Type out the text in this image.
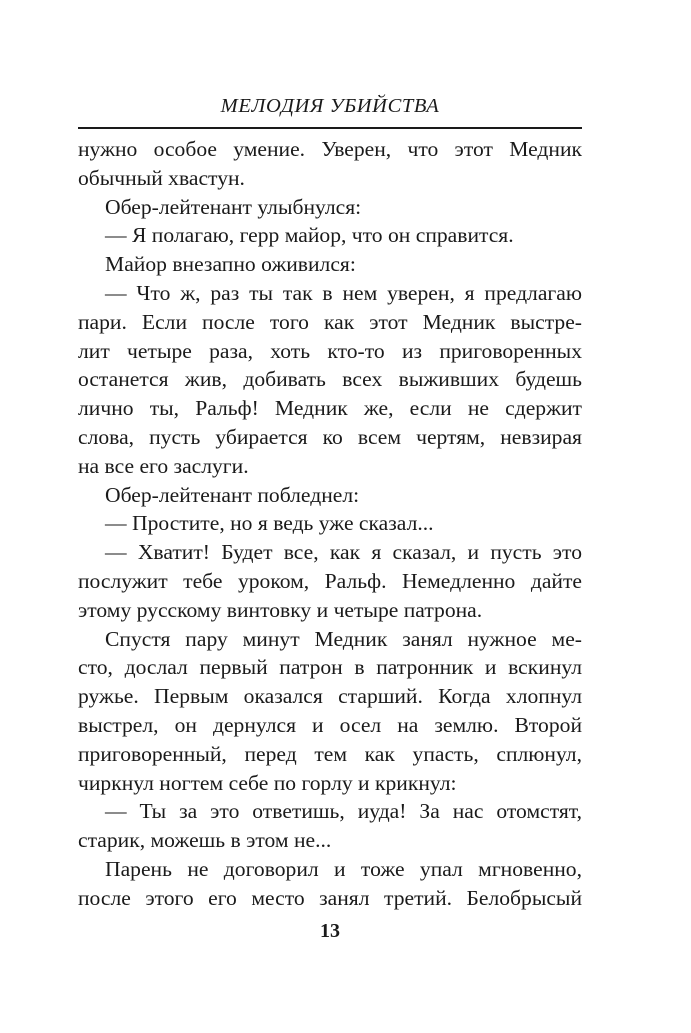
МЕЛОДИЯ УБИЙСТВА
нужно особое умение. Уверен, что этот Медник
обычный хвастун.
Обер-лейтенант улыбнулся:
— Я полагаю, герр майор, что он справится.
Майор внезапно оживился:
— Что ж, раз ты так в нем уверен, я предлагаю
пари. Если после того как этот Медник выстре-
лит четыре раза, хоть кто-то из приговоренных
останется жив, добивать всех выживших будешь
лично ты, Ральф! Медник же, если не сдержит
слова, пусть убирается ко всем чертям, невзирая
на все его заслуги.
Обер-лейтенант побледнел:
— Простите, но я ведь уже сказал...
— Хватит! Будет все, как я сказал, и пусть это
послужит тебе уроком, Ральф. Немедленно дайте
этому русскому винтовку и четыре патрона.
Спустя пару минут Медник занял нужное ме-
сто, дослал первый патрон в патронник и вскинул
ружье. Первым оказался старший. Когда хлопнул
выстрел, он дернулся и осел на землю. Второй
приговоренный, перед тем как упасть, сплюнул,
чиркнул ногтем себе по горлу и крикнул:
— Ты за это ответишь, иуда! За нас отомстят,
старик, можешь в этом не...
Парень не договорил и тоже упал мгновенно,
после этого его место занял третий. Белобрысый
13
